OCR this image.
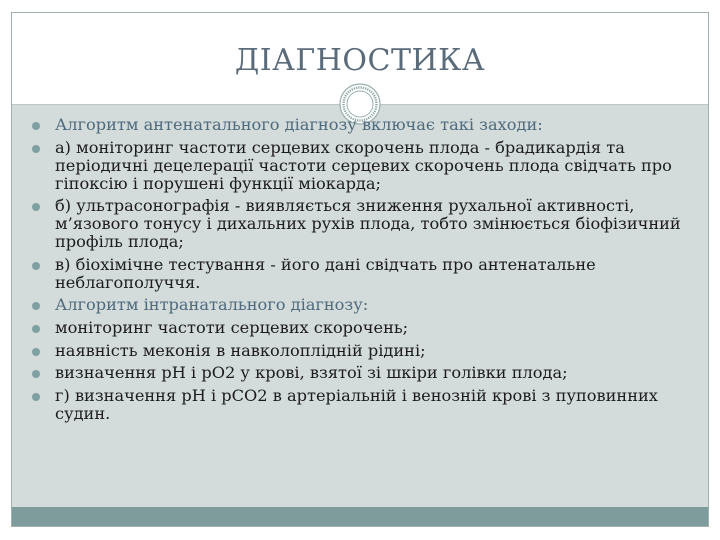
ДІАГНОСТИКА
Алгоритм антенатального діагнозу включає такі заходи:
а) моніторинг частоти серцевих скорочень плода - брадикардія та періодичні децелерації частоти серцевих скорочень плода свідчать про гіпоксію і порушені функції міокарда;
б) ультрасонографія - виявляється зниження рухальної активності, м’язового тонусу і дихальних рухів плода, тобто змінюється біофізичний профіль плода;
в) біохімічне тестування - його дані свідчать про антенатальне неблагополуччя.
Алгоритм інтранатального діагнозу:
моніторинг частоти серцевих скорочень;
наявність меконія в навколоплідній рідині;
визначення рН і рО2 у крові, взятої зі шкіри голівки плода;
г) визначення рН і рСО2 в артеріальній і венозній крові з пуповинних судин.
